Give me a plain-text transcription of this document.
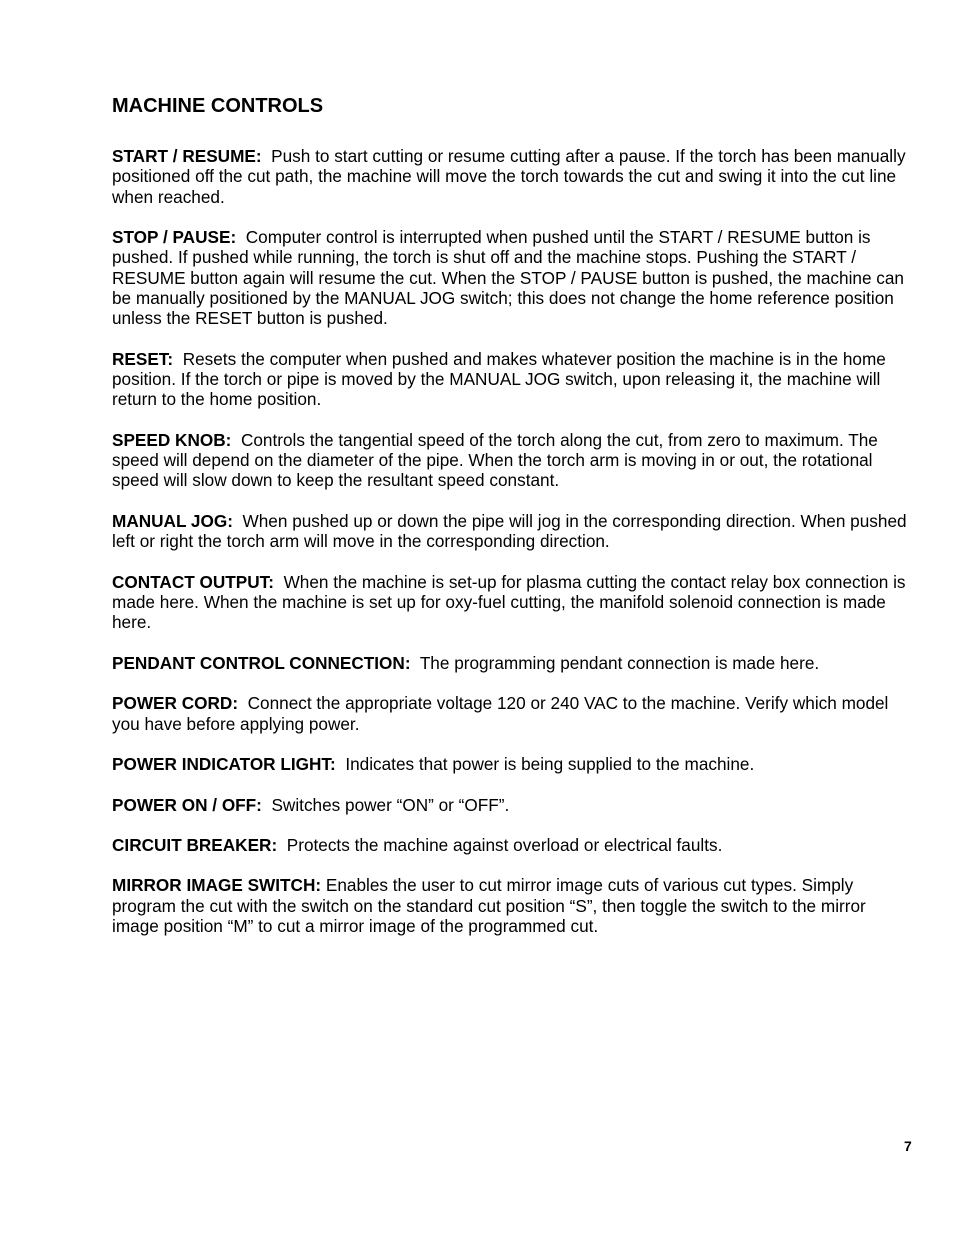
MACHINE CONTROLS

START / RESUME: Push to start cutting or resume cutting after a pause. If the torch has been manually positioned off the cut path, the machine will move the torch towards the cut and swing it into the cut line when reached.

STOP / PAUSE: Computer control is interrupted when pushed until the START / RESUME button is pushed. If pushed while running, the torch is shut off and the machine stops. Pushing the START / RESUME button again will resume the cut. When the STOP / PAUSE button is pushed, the machine can be manually positioned by the MANUAL JOG switch; this does not change the home reference position unless the RESET button is pushed.

RESET: Resets the computer when pushed and makes whatever position the machine is in the home position. If the torch or pipe is moved by the MANUAL JOG switch, upon releasing it, the machine will return to the home position.

SPEED KNOB: Controls the tangential speed of the torch along the cut, from zero to maximum. The speed will depend on the diameter of the pipe. When the torch arm is moving in or out, the rotational speed will slow down to keep the resultant speed constant.

MANUAL JOG: When pushed up or down the pipe will jog in the corresponding direction. When pushed left or right the torch arm will move in the corresponding direction.

CONTACT OUTPUT: When the machine is set-up for plasma cutting the contact relay box connection is made here. When the machine is set up for oxy-fuel cutting, the manifold solenoid connection is made here.

PENDANT CONTROL CONNECTION: The programming pendant connection is made here.

POWER CORD: Connect the appropriate voltage 120 or 240 VAC to the machine. Verify which model you have before applying power.

POWER INDICATOR LIGHT: Indicates that power is being supplied to the machine.

POWER ON / OFF: Switches power “ON” or “OFF”.

CIRCUIT BREAKER: Protects the machine against overload or electrical faults.

MIRROR IMAGE SWITCH: Enables the user to cut mirror image cuts of various cut types. Simply program the cut with the switch on the standard cut position “S”, then toggle the switch to the mirror image position “M” to cut a mirror image of the programmed cut.

7
